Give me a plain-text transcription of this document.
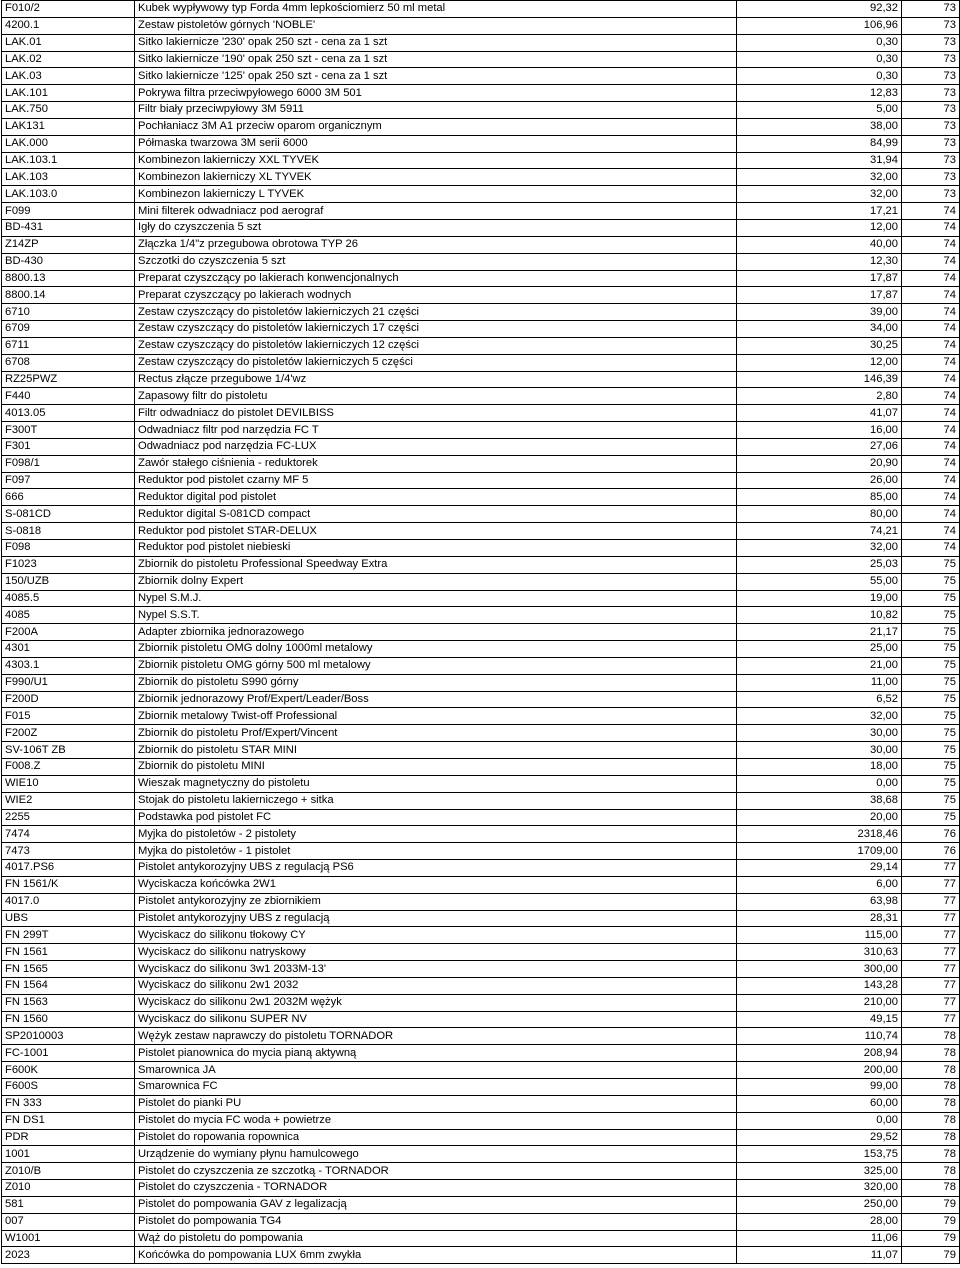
F010/2	Kubek wypływowy typ Forda 4mm lepkościomierz 50 ml metal	92,32	73
4200.1	Zestaw pistoletów górnych 'NOBLE'	106,96	73
LAK.01	Sitko lakiernicze '230' opak 250 szt - cena za 1 szt	0,30	73
LAK.02	Sitko lakiernicze '190' opak 250 szt - cena za 1 szt	0,30	73
LAK.03	Sitko lakiernicze '125' opak 250 szt - cena za 1 szt	0,30	73
LAK.101	Pokrywa filtra przeciwpyłowego 6000 3M 501	12,83	73
LAK.750	Filtr biały przeciwpyłowy 3M 5911	5,00	73
LAK131	Pochłaniacz 3M A1 przeciw oparom organicznym	38,00	73
LAK.000	Półmaska twarzowa 3M serii 6000	84,99	73
LAK.103.1	Kombinezon lakierniczy XXL TYVEK	31,94	73
LAK.103	Kombinezon lakierniczy XL TYVEK	32,00	73
LAK.103.0	Kombinezon lakierniczy L TYVEK	32,00	73
F099	Mini filterek odwadniacz pod aerograf	17,21	74
BD-431	Igły do czyszczenia 5 szt	12,00	74
Z14ZP	Złączka 1/4"z przegubowa obrotowa TYP 26	40,00	74
BD-430	Szczotki do czyszczenia 5 szt	12,30	74
8800.13	Preparat czyszczący po lakierach konwencjonalnych	17,87	74
8800.14	Preparat czyszczący po lakierach wodnych	17,87	74
6710	Zestaw czyszczący do pistoletów lakierniczych 21 części	39,00	74
6709	Zestaw czyszczący do pistoletów lakierniczych 17 części	34,00	74
6711	Zestaw czyszczący do pistoletów lakierniczych 12 części	30,25	74
6708	Zestaw czyszczący do pistoletów lakierniczych 5 części	12,00	74
RZ25PWZ	Rectus złącze przegubowe 1/4'wz	146,39	74
F440	Zapasowy filtr do pistoletu	2,80	74
4013.05	Filtr odwadniacz do pistolet DEVILBISS	41,07	74
F300T	Odwadniacz filtr pod narzędzia FC T	16,00	74
F301	Odwadniacz pod narzędzia FC-LUX	27,06	74
F098/1	Zawór stałego ciśnienia - reduktorek	20,90	74
F097	Reduktor pod pistolet czarny MF 5	26,00	74
666	Reduktor digital pod pistolet	85,00	74
S-081CD	Reduktor digital S-081CD compact	80,00	74
S-0818	Reduktor pod pistolet STAR-DELUX	74,21	74
F098	Reduktor pod pistolet niebieski	32,00	74
F1023	Zbiornik do pistoletu Professional Speedway Extra	25,03	75
150/UZB	Zbiornik dolny Expert	55,00	75
4085.5	Nypel S.M.J.	19,00	75
4085	Nypel S.S.T.	10,82	75
F200A	Adapter zbiornika jednorazowego	21,17	75
4301	Zbiornik pistoletu OMG dolny 1000ml metalowy	25,00	75
4303.1	Zbiornik pistoletu OMG górny 500 ml metalowy	21,00	75
F990/U1	Zbiornik do pistoletu S990 górny	11,00	75
F200D	Zbiornik jednorazowy Prof/Expert/Leader/Boss	6,52	75
F015	Zbiornik metalowy Twist-off Professional	32,00	75
F200Z	Zbiornik do pistoletu Prof/Expert/Vincent	30,00	75
SV-106T ZB	Zbiornik do pistoletu STAR MINI	30,00	75
F008.Z	Zbiornik do pistoletu MINI	18,00	75
WIE10	Wieszak magnetyczny do pistoletu	0,00	75
WIE2	Stojak do pistoletu lakierniczego + sitka	38,68	75
2255	Podstawka pod pistolet FC	20,00	75
7474	Myjka do pistoletów - 2 pistolety	2318,46	76
7473	Myjka do pistoletów - 1 pistolet	1709,00	76
4017.PS6	Pistolet antykorozyjny UBS z regulacją PS6	29,14	77
FN 1561/K	Wyciskacza końcówka 2W1	6,00	77
4017.0	Pistolet antykorozyjny ze zbiornikiem	63,98	77
UBS	Pistolet antykorozyjny UBS z regulacją	28,31	77
FN 299T	Wyciskacz do silikonu tłokowy CY	115,00	77
FN 1561	Wyciskacz do silikonu natryskowy	310,63	77
FN 1565	Wyciskacz do silikonu 3w1 2033M-13'	300,00	77
FN 1564	Wyciskacz do silikonu 2w1 2032	143,28	77
FN 1563	Wyciskacz do silikonu 2w1 2032M wężyk	210,00	77
FN 1560	Wyciskacz do silikonu SUPER NV	49,15	77
SP2010003	Wężyk zestaw naprawczy do pistoletu TORNADOR	110,74	78
FC-1001	Pistolet pianownica do mycia pianą aktywną	208,94	78
F600K	Smarownica JA	200,00	78
F600S	Smarownica FC	99,00	78
FN 333	Pistolet do pianki PU	60,00	78
FN DS1	Pistolet do mycia FC woda + powietrze	0,00	78
PDR	Pistolet do ropowania ropownica	29,52	78
1001	Urządzenie do wymiany płynu hamulcowego	153,75	78
Z010/B	Pistolet do czyszczenia ze szczotką - TORNADOR	325,00	78
Z010	Pistolet do czyszczenia - TORNADOR	320,00	78
581	Pistolet do pompowania GAV z legalizacją	250,00	79
007	Pistolet do pompowania TG4	28,00	79
W1001	Wąż do pistoletu do pompowania	11,06	79
2023	Końcówka do pompowania LUX 6mm zwykła	11,07	79
